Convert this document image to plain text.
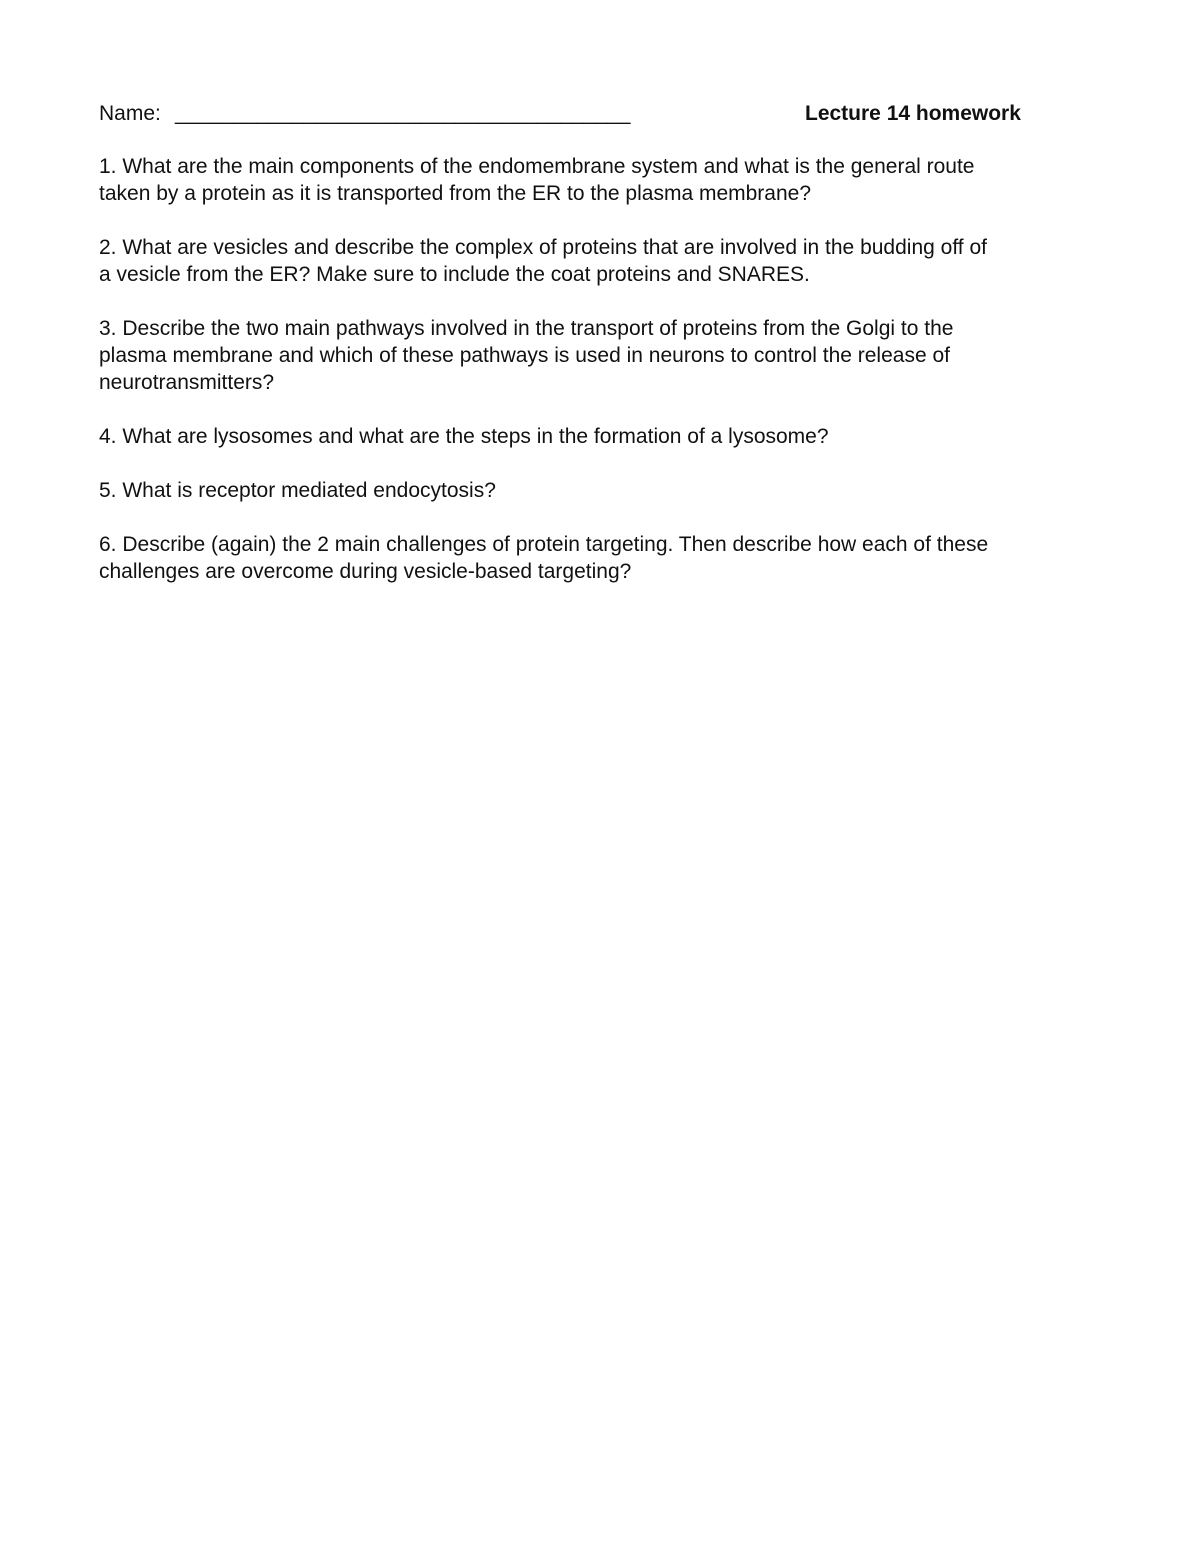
Name: _______________________________________	Lecture 14 homework

1. What are the main components of the endomembrane system and what is the general route
taken by a protein as it is transported from the ER to the plasma membrane?

2. What are vesicles and describe the complex of proteins that are involved in the budding off of
a vesicle from the ER? Make sure to include the coat proteins and SNARES.

3. Describe the two main pathways involved in the transport of proteins from the Golgi to the
plasma membrane and which of these pathways is used in neurons to control the release of
neurotransmitters?

4. What are lysosomes and what are the steps in the formation of a lysosome?

5. What is receptor mediated endocytosis?

6. Describe (again) the 2 main challenges of protein targeting. Then describe how each of these
challenges are overcome during vesicle-based targeting?
